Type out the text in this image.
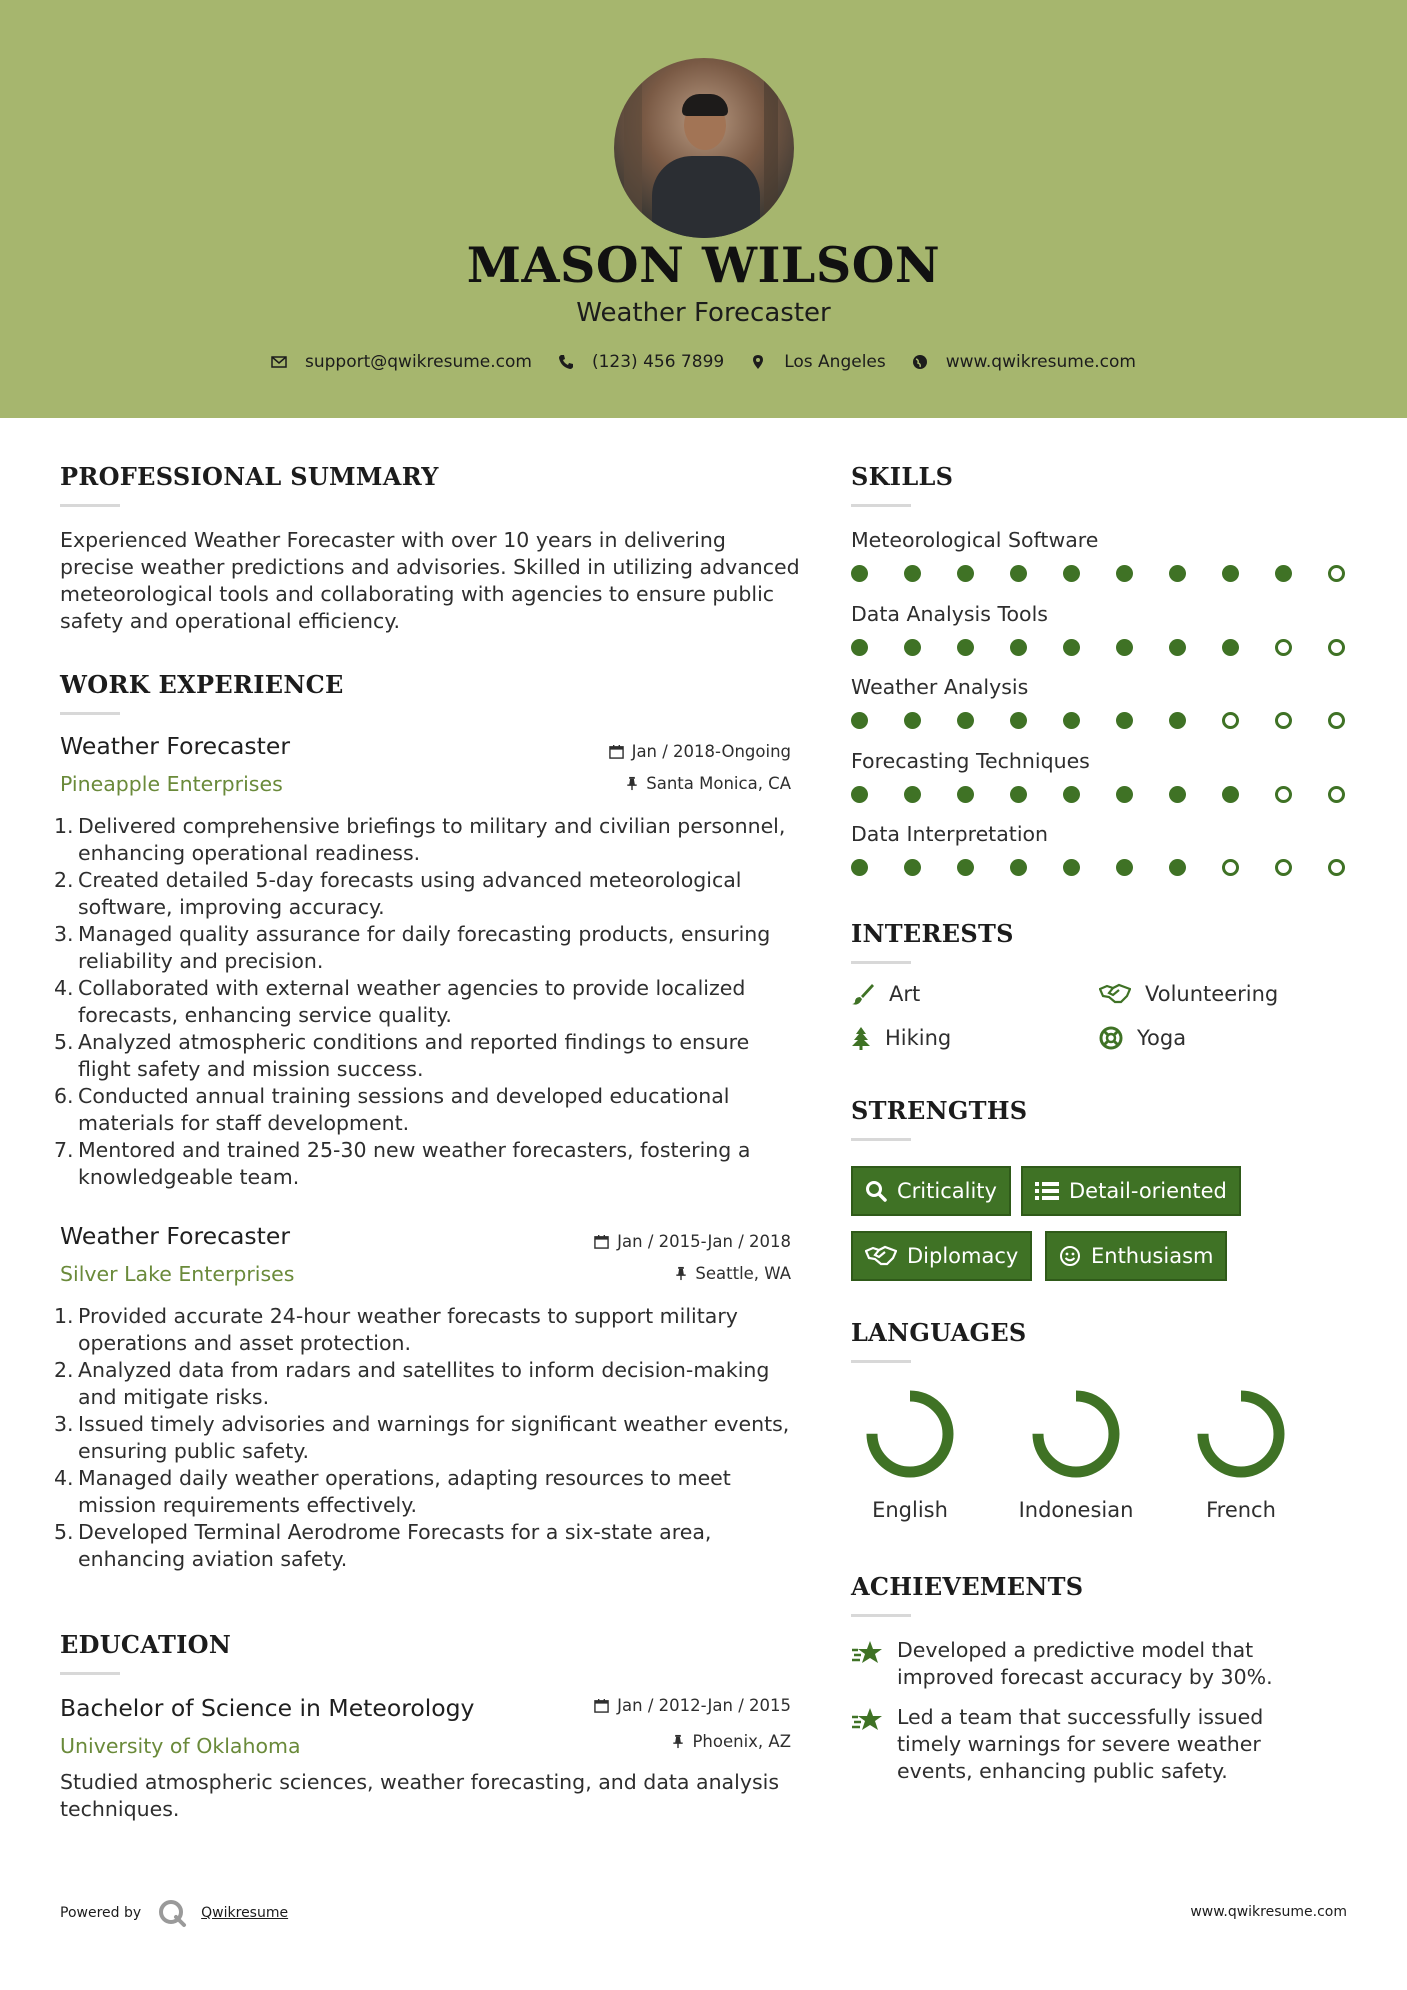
MASON WILSON
Weather Forecaster
support@qwikresume.com	(123) 456 7899	Los Angeles	www.qwikresume.com
PROFESSIONAL SUMMARY
Experienced Weather Forecaster with over 10 years in delivering precise weather predictions and advisories. Skilled in utilizing advanced meteorological tools and collaborating with agencies to ensure public safety and operational efficiency.
WORK EXPERIENCE
Weather Forecaster
Pineapple Enterprises
Jan / 2018-Ongoing
Santa Monica, CA
1. Delivered comprehensive briefings to military and civilian personnel, enhancing operational readiness.
2. Created detailed 5-day forecasts using advanced meteorological software, improving accuracy.
3. Managed quality assurance for daily forecasting products, ensuring reliability and precision.
4. Collaborated with external weather agencies to provide localized forecasts, enhancing service quality.
5. Analyzed atmospheric conditions and reported findings to ensure flight safety and mission success.
6. Conducted annual training sessions and developed educational materials for staff development.
7. Mentored and trained 25-30 new weather forecasters, fostering a knowledgeable team.
Weather Forecaster
Silver Lake Enterprises
Jan / 2015-Jan / 2018
Seattle, WA
1. Provided accurate 24-hour weather forecasts to support military operations and asset protection.
2. Analyzed data from radars and satellites to inform decision-making and mitigate risks.
3. Issued timely advisories and warnings for significant weather events, ensuring public safety.
4. Managed daily weather operations, adapting resources to meet mission requirements effectively.
5. Developed Terminal Aerodrome Forecasts for a six-state area, enhancing aviation safety.
EDUCATION
Bachelor of Science in Meteorology
University of Oklahoma
Jan / 2012-Jan / 2015
Phoenix, AZ
Studied atmospheric sciences, weather forecasting, and data analysis techniques.
SKILLS
Meteorological Software
Data Analysis Tools
Weather Analysis
Forecasting Techniques
Data Interpretation
INTERESTS
Art	Volunteering
Hiking	Yoga
STRENGTHS
Criticality	Detail-oriented
Diplomacy	Enthusiasm
LANGUAGES
English	Indonesian	French
ACHIEVEMENTS
Developed a predictive model that improved forecast accuracy by 30%.
Led a team that successfully issued timely warnings for severe weather events, enhancing public safety.
Powered by	Qwikresume	www.qwikresume.com
